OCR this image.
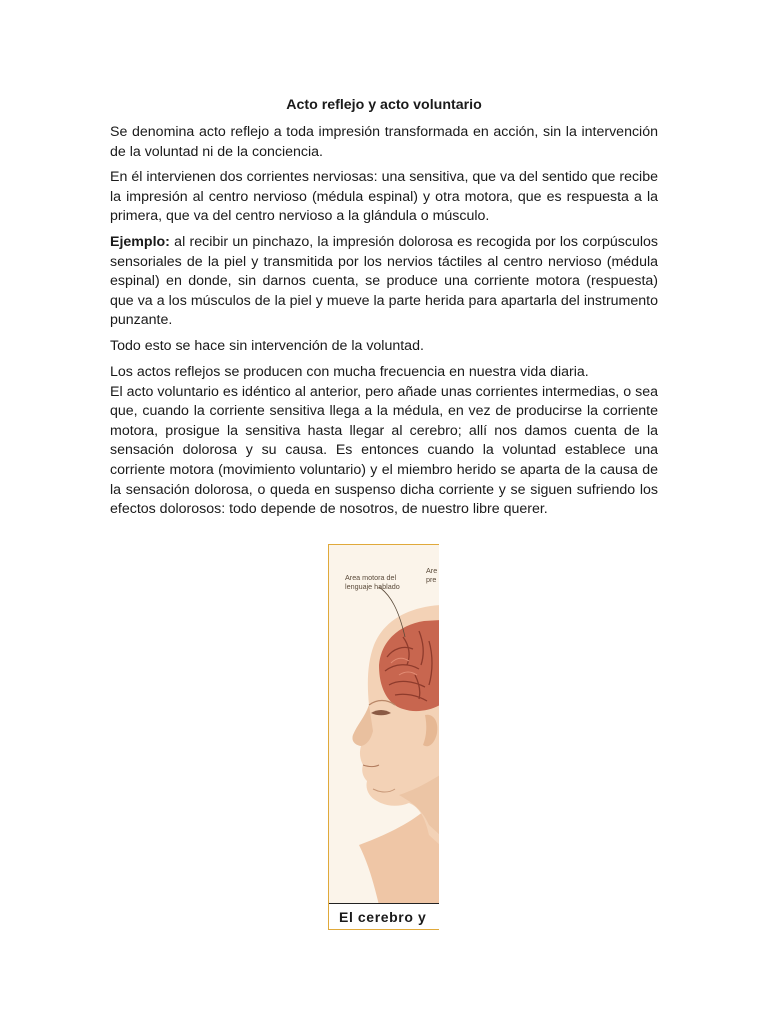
Acto reflejo y acto voluntario

Se denomina acto reflejo a toda impresión transformada en acción, sin la intervención de la voluntad ni de la conciencia.

En él intervienen dos corrientes nerviosas: una sensitiva, que va del sentido que recibe la impresión al centro nervioso (médula espinal) y otra motora, que es respuesta a la primera, que va del centro nervioso a la glándula o músculo.

Ejemplo: al recibir un pinchazo, la impresión dolorosa es recogida por los corpúsculos sensoriales de la piel y transmitida por los nervios táctiles al centro nervioso (médula espinal) en donde, sin darnos cuenta, se produce una corriente motora (respuesta) que va a los músculos de la piel y mueve la parte herida para apartarla del instrumento punzante.

Todo esto se hace sin intervención de la voluntad.

Los actos reflejos se producen con mucha frecuencia en nuestra vida diaria.
El acto voluntario es idéntico al anterior, pero añade unas corrientes intermedias, o sea que, cuando la corriente sensitiva llega a la médula, en vez de producirse la corriente motora, prosigue la sensitiva hasta llegar al cerebro; allí nos damos cuenta de la sensación dolorosa y su causa. Es entonces cuando la voluntad establece una corriente motora (movimiento voluntario) y el miembro herido se aparta de la causa de la sensación dolorosa, o queda en suspenso dicha corriente y se siguen sufriendo los efectos dolorosos: todo depende de nosotros, de nuestro libre querer.

Area motora del
lenguaje hablado
Are
pre
El cerebro y
